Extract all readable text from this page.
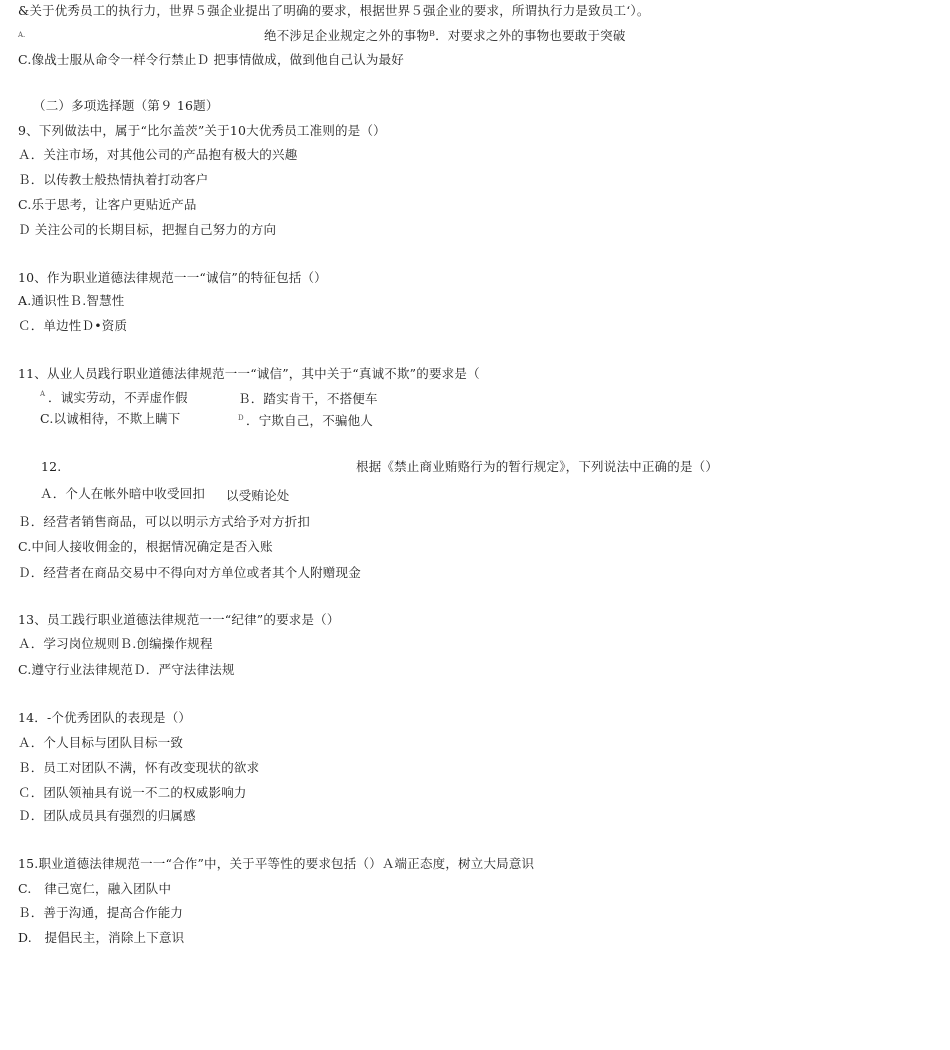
&关于优秀员工的执行力，世界５强企业提出了明确的要求，根据世界５强企业的要求，所谓执行力是致员工‘）。
A.	绝不涉足企业规定之外的事物ᴮ．对要求之外的事物也要敢于突破
C.像战士服从命令一样令行禁止Ｄ 把事情做成，做到他自己认为最好
（二）多项选择题（第９ 16题）
9、下列做法中，属于“比尔盖茨”关于10大优秀员工准则的是（）
Ａ．关注市场，对其他公司的产品抱有极大的兴趣
Ｂ．以传教士般热情执着打动客户
C.乐于思考，让客户更贴近产品
Ｄ 关注公司的长期目标，把握自己努力的方向
10、作为职业道德法律规范一一“诚信”的特征包括（）
A.通识性Ｂ.智慧性
Ｃ．单边性Ｄ•资质
11、从业人员践行职业道德法律规范一一“诚信”，其中关于“真诚不欺”的要求是（
A ．诚实劳动，不弄虚作假	Ｂ．踏实肯干，不搭便车
C.以诚相待，不欺上瞒下	D ．宁欺自己，不骗他人
12.	根据《禁止商业贿赂行为的暂行规定》，下列说法中正确的是（）
Ａ．个人在帐外暗中收受回扣 以受贿论处
Ｂ．经营者销售商品，可以以明示方式给予对方折扣
C.中间人接收佣金的，根据情况确定是否入账
Ｄ．经营者在商品交易中不得向对方单位或者其个人附赠现金
13、员工践行职业道德法律规范一一“纪律”的要求是（）
Ａ．学习岗位规则Ｂ.创编操作规程
C.遵守行业法律规范Ｄ．严守法律法规
14．-个优秀团队的表现是（）
Ａ．个人目标与团队目标一致
Ｂ．员工对团队不满，怀有改变现状的欲求
Ｃ．团队领袖具有说一不二的权威影响力
Ｄ．团队成员具有强烈的归属感
15.职业道德法律规范一一“合作”中，关于平等性的要求包括（）Ａ端正态度，树立大局意识
C.　律己宽仁，融入团队中
Ｂ．善于沟通，提高合作能力
D.　提倡民主，消除上下意识
